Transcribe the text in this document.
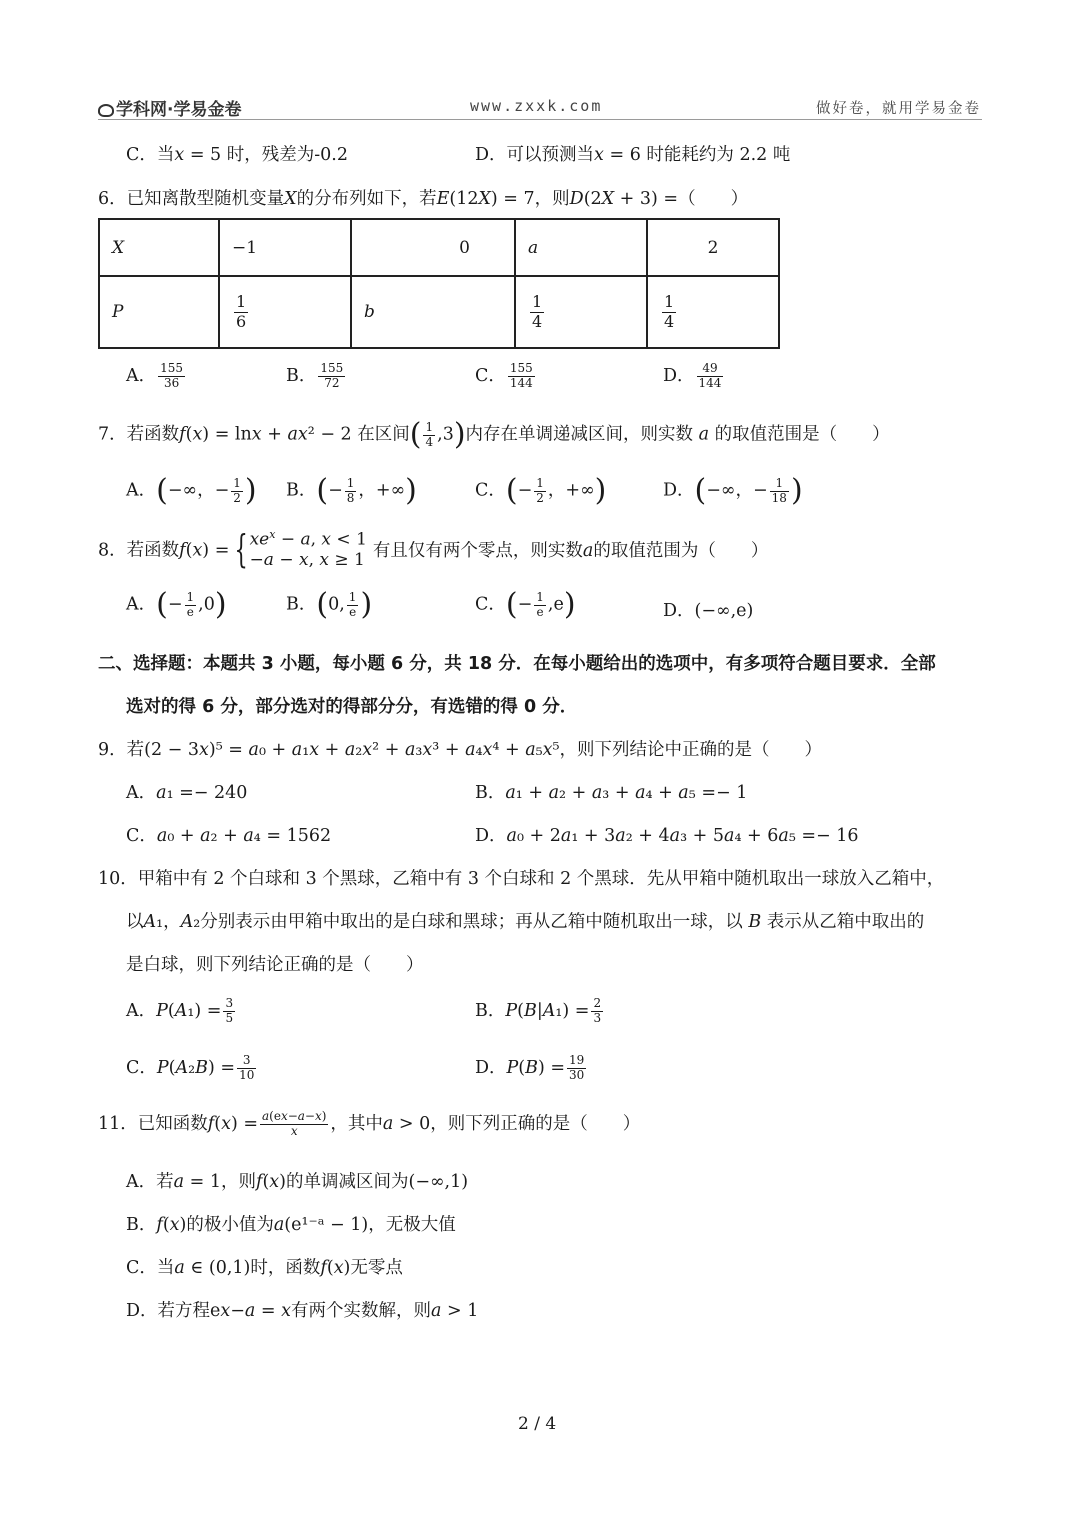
学科网·学易金卷	www.zxxk.com	做好卷，就用学易金卷
C．当𝑥 = 5 时，残差为-0.2	D．可以预测当𝑥 = 6 时能耗约为 2.2 吨
6．已知离散型随机变量𝑋的分布列如下，若𝐸(12𝑋) = 7，则𝐷(2𝑋 + 3) =（　　）
𝑋	−1	0	𝑎	2
𝑃	$\frac{1}{6}$	𝑏	$\frac{1}{4}$	$\frac{1}{4}$
A． $\frac{155}{36}$	B． $\frac{155}{72}$	C． $\frac{155}{144}$	D． $\frac{49}{144}$
7．若函数𝑓(𝑥) = ln𝑥 + 𝑎𝑥² − 2 在区间( $\frac{1}{4} ,3$)内存在单调递减区间，则实数 𝑎 的取值范围是（　　）
A．(−∞，− $\frac{1}{2}$ ) B．(− $\frac{1}{8}$ ，+∞)	C．(− $\frac{1}{2}$ ，+∞)	D．(−∞，− $\frac{1}{18}$ )
8．若函数𝑓(𝑥) = { 𝑥e$^𝑥$ − 𝑎, 𝑥 < 1
−𝑎 − 𝑥, 𝑥 ≥ 1 有且仅有两个零点，则实数𝑎的取值范围为（　　）
A．(− $\frac{1}{e} ,0$)	B．(0, $\frac{1}{e}$ )	C．(− $\frac{1}{e} ,e$)	D．(−∞,e)
二、选择题：本题共 3 小题，每小题 6 分，共 18 分．在每小题给出的选项中，有多项符合题目要求．全部
选对的得 6 分，部分选对的得部分分，有选错的得 0 分．
9．若(2 − 3𝑥)⁵ = 𝑎₀ + 𝑎₁𝑥 + 𝑎₂𝑥² + 𝑎₃𝑥³ + 𝑎₄𝑥⁴ + 𝑎₅𝑥⁵，则下列结论中正确的是（　　）
A．𝑎₁ =− 240	B．𝑎₁ + 𝑎₂ + 𝑎₃ + 𝑎₄ + 𝑎₅ =− 1
C．𝑎₀ + 𝑎₂ + 𝑎₄ = 1562	D．𝑎₀ + 2𝑎₁ + 3𝑎₂ + 4𝑎₃ + 5𝑎₄ + 6𝑎₅ =− 16
10．甲箱中有 2 个白球和 3 个黑球，乙箱中有 3 个白球和 2 个黑球．先从甲箱中随机取出一球放入乙箱中，
以𝐴₁，𝐴₂分别表示由甲箱中取出的是白球和黑球；再从乙箱中随机取出一球，以 𝐵 表示从乙箱中取出的
是白球，则下列结论正确的是（　　）
A．𝑃(𝐴₁) = $\frac{3}{5}$	B．𝑃(𝐵|𝐴₁) = $\frac{2}{3}$
C．𝑃(𝐴₂𝐵) = $\frac{3}{10}$	D．𝑃(𝐵) = $\frac{19}{30}$
11．已知函数𝑓(𝑥) = $\frac{\text{𝑎(e𝑥−𝑎−𝑥)}}{\text{𝑥}}$ ，其中𝑎 > 0，则下列正确的是（　　）
A．若𝑎 = 1，则𝑓(𝑥)的单调减区间为(−∞,1)
B．𝑓(𝑥)的极小值为𝑎(e¹⁻ᵃ − 1)，无极大值
C．当𝑎 ∈ (0,1)时，函数𝑓(𝑥)无零点
D．若方程e𝑥−𝑎 = 𝑥有两个实数解，则𝑎 > 1
2 / 4
